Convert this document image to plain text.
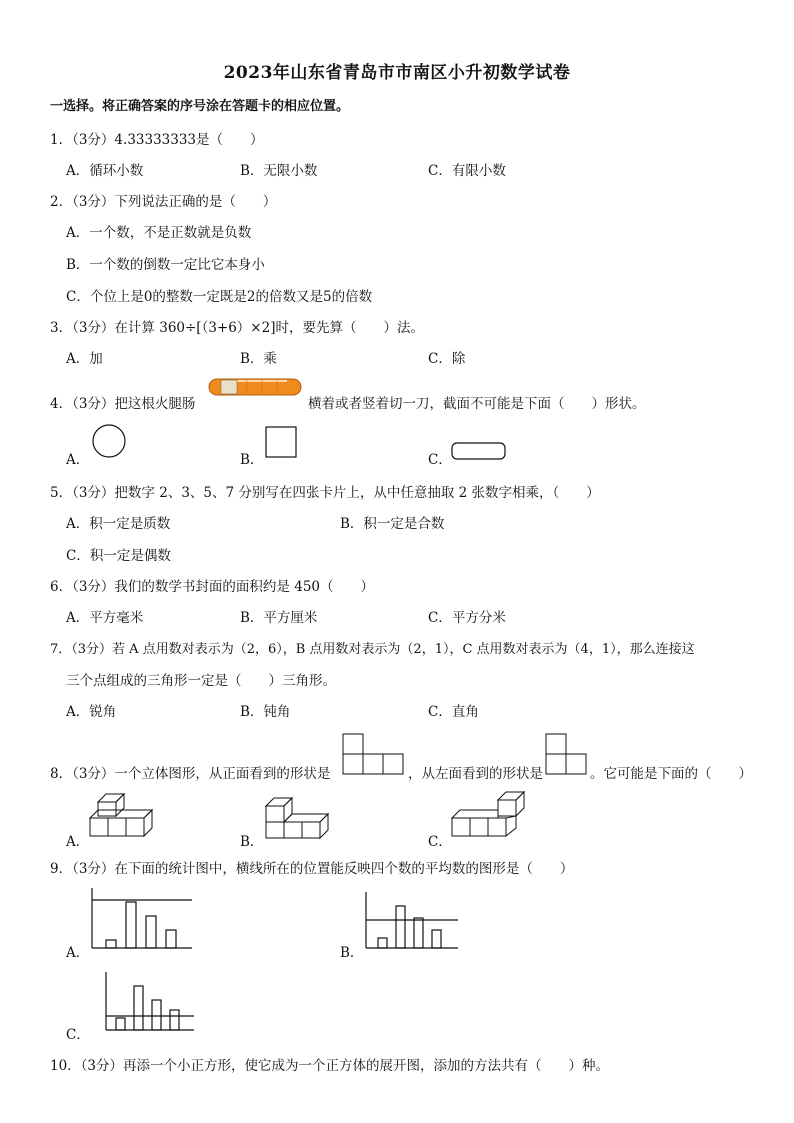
2023年山东省青岛市市南区小升初数学试卷
一选择。将正确答案的序号涂在答题卡的相应位置。
1．（3分）4.33333333是（　　）
A．循环小数	B．无限小数	C．有限小数
2．（3分）下列说法正确的是（　　）
A．一个数，不是正数就是负数
B．一个数的倒数一定比它本身小
C．个位上是0的整数一定既是2的倍数又是5的倍数
3．（3分）在计算 360÷[（3+6）×2]时，要先算（　　）法。
A．加	B．乘	C．除
4．（3分）把这根火腿肠	横着或者竖着切一刀，截面不可能是下面（　　）形状。
A．	B．	C．
5．（3分）把数字 2、3、5、7 分别写在四张卡片上，从中任意抽取 2 张数字相乘，（　　）
A．积一定是质数	B．积一定是合数
C．积一定是偶数
6．（3分）我们的数学书封面的面积约是 450（　　）
A．平方毫米	B．平方厘米	C．平方分米
7．（3分）若 A 点用数对表示为（2，6），B 点用数对表示为（2，1），C 点用数对表示为（4，1），那么连接这
三个点组成的三角形一定是（　　）三角形。
A．锐角	B．钝角	C．直角
8．（3分）一个立体图形，从正面看到的形状是	，从左面看到的形状是	。它可能是下面的（　　）
A．	B．	C．
9．（3分）在下面的统计图中，横线所在的位置能反映四个数的平均数的图形是（　　）
A．	B．
C．
10．（3分）再添一个小正方形，使它成为一个正方体的展开图，添加的方法共有（　　）种。
